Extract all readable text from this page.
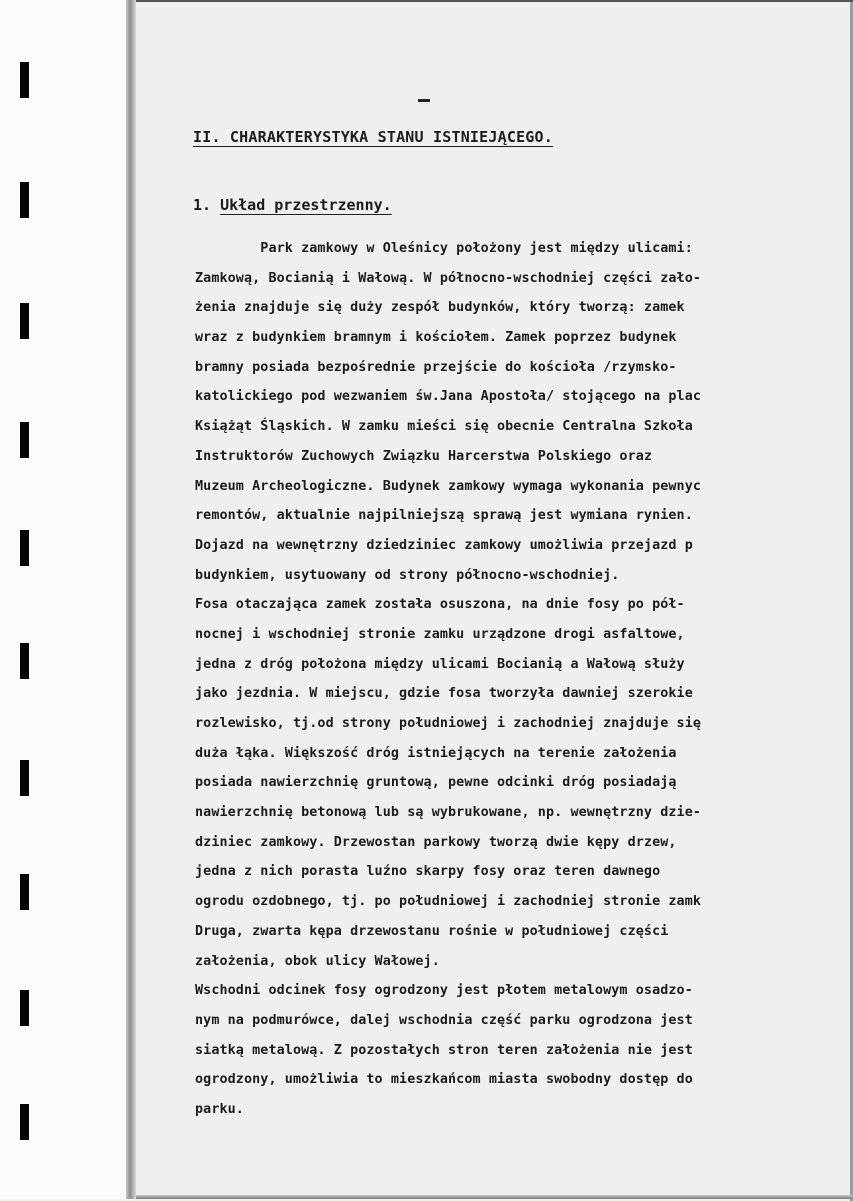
II. CHARAKTERYSTYKA STANU ISTNIEJĄCEGO.
1. Układ przestrzenny.
Park zamkowy w Oleśnicy położony jest między ulicami:
Zamkową, Bocianią i Wałową. W północno-wschodniej części zało-
żenia znajduje się duży zespół budynków, który tworzą: zamek
wraz z budynkiem bramnym i kościołem. Zamek poprzez budynek
bramny posiada bezpośrednie przejście do kościoła /rzymsko-
katolickiego pod wezwaniem św.Jana Apostoła/ stojącego na plac
Książąt Śląskich. W zamku mieści się obecnie Centralna Szkoła
Instruktorów Zuchowych Związku Harcerstwa Polskiego oraz
Muzeum Archeologiczne. Budynek zamkowy wymaga wykonania pewnyc
remontów, aktualnie najpilniejszą sprawą jest wymiana rynien.
Dojazd na wewnętrzny dziedziniec zamkowy umożliwia przejazd p
budynkiem, usytuowany od strony północno-wschodniej.
Fosa otaczająca zamek została osuszona, na dnie fosy po pół-
nocnej i wschodniej stronie zamku urządzone drogi asfaltowe,
jedna z dróg położona między ulicami Bocianią a Wałową służy
jako jezdnia. W miejscu, gdzie fosa tworzyła dawniej szerokie
rozlewisko, tj.od strony południowej i zachodniej znajduje się
duża łąka. Większość dróg istniejących na terenie założenia
posiada nawierzchnię gruntową, pewne odcinki dróg posiadają
nawierzchnię betonową lub są wybrukowane, np. wewnętrzny dzie-
dziniec zamkowy. Drzewostan parkowy tworzą dwie kępy drzew,
jedna z nich porasta luźno skarpy fosy oraz teren dawnego
ogrodu ozdobnego, tj. po południowej i zachodniej stronie zamk
Druga, zwarta kępa drzewostanu rośnie w południowej części
założenia, obok ulicy Wałowej.
Wschodni odcinek fosy ogrodzony jest płotem metalowym osadzo-
nym na podmurówce, dalej wschodnia część parku ogrodzona jest
siatką metalową. Z pozostałych stron teren założenia nie jest
ogrodzony, umożliwia to mieszkańcom miasta swobodny dostęp do
parku.
